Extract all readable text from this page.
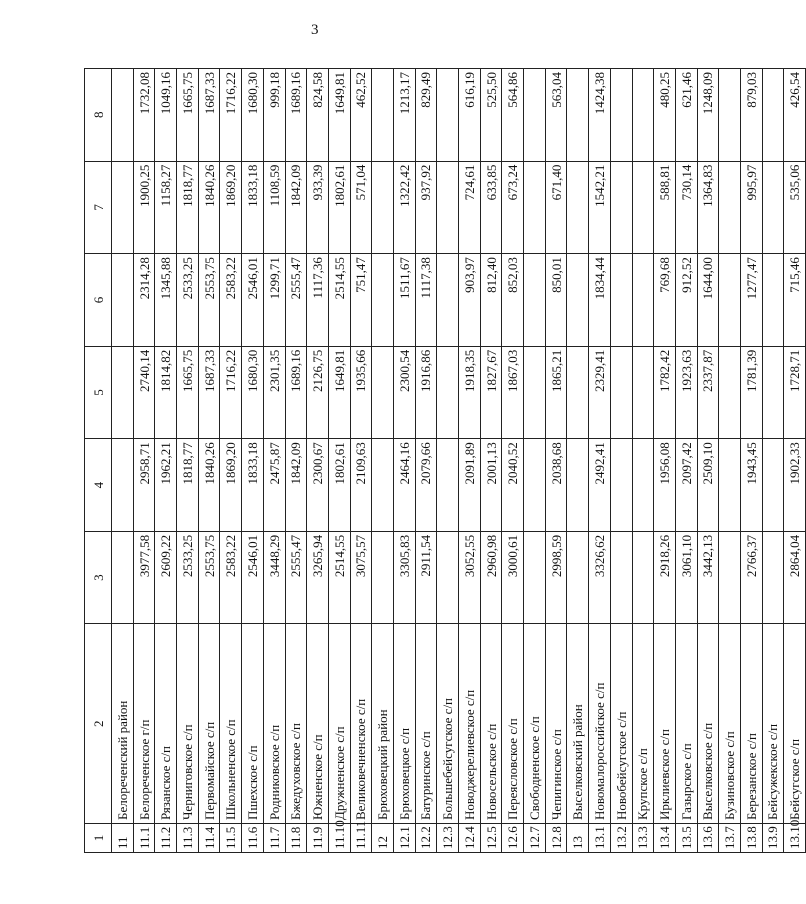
3
1	2	3	4	5	6	7	8
11	Белореченский район						
11.1	Белореченское г/п	3977,58	2958,71	2740,14	2314,28	1900,25	1732,08
11.2	Рязанское с/п	2609,22	1962,21	1814,82	1345,88	1158,27	1049,16
11.3	Черниговское с/п	2533,25	1818,77	1665,75	2533,25	1818,77	1665,75
11.4	Первомайское с/п	2553,75	1840,26	1687,33	2553,75	1840,26	1687,33
11.5	Школьненское с/п	2583,22	1869,20	1716,22	2583,22	1869,20	1716,22
11.6	Пшехское с/п	2546,01	1833,18	1680,30	2546,01	1833,18	1680,30
11.7	Родниковское с/п	3448,29	2475,87	2301,35	1299,71	1108,59	999,18
11.8	Бжедуховское с/п	2555,47	1842,09	1689,16	2555,47	1842,09	1689,16
11.9	Южненское с/п	3265,94	2300,67	2126,75	1117,36	933,39	824,58
11.10	Дружненское с/п	2514,55	1802,61	1649,81	2514,55	1802,61	1649,81
11.11	Великовечненское с/п	3075,57	2109,63	1935,66	751,47	571,04	462,52
12	Брюховецкий район						
12.1	Брюховецкое с/п	3305,83	2464,16	2300,54	1511,67	1322,42	1213,17
12.2	Батуринское с/п	2911,54	2079,66	1916,86	1117,38	937,92	829,49
12.3	Большебейсугское с/п						
12.4	Новоджерелиевское с/п	3052,55	2091,89	1918,35	903,97	724,61	616,19
12.5	Новосельское с/п	2960,98	2001,13	1827,67	812,40	633,85	525,50
12.6	Переясловское с/п	3000,61	2040,52	1867,03	852,03	673,24	564,86
12.7	Свободненское с/п						
12.8	Чепигинское с/п	2998,59	2038,68	1865,21	850,01	671,40	563,04
13	Выселковский район						
13.1	Новомалороссийское с/п	3326,62	2492,41	2329,41	1834,44	1542,21	1424,38
13.2	Новобейсугское с/п						
13.3	Крупское с/п						
13.4	Ирклиевское с/п	2918,26	1956,08	1782,42	769,68	588,81	480,25
13.5	Газырское с/п	3061,10	2097,42	1923,63	912,52	730,14	621,46
13.6	Выселковское с/п	3442,13	2509,10	2337,87	1644,00	1364,83	1248,09
13.7	Бузиновское с/п						
13.8	Березанское с/п	2766,37	1943,45	1781,39	1277,47	995,97	879,03
13.9	Бейсужекское с/п						
13.10	Бейсугское с/п	2864,04	1902,33	1728,71	715,46	535,06	426,54
